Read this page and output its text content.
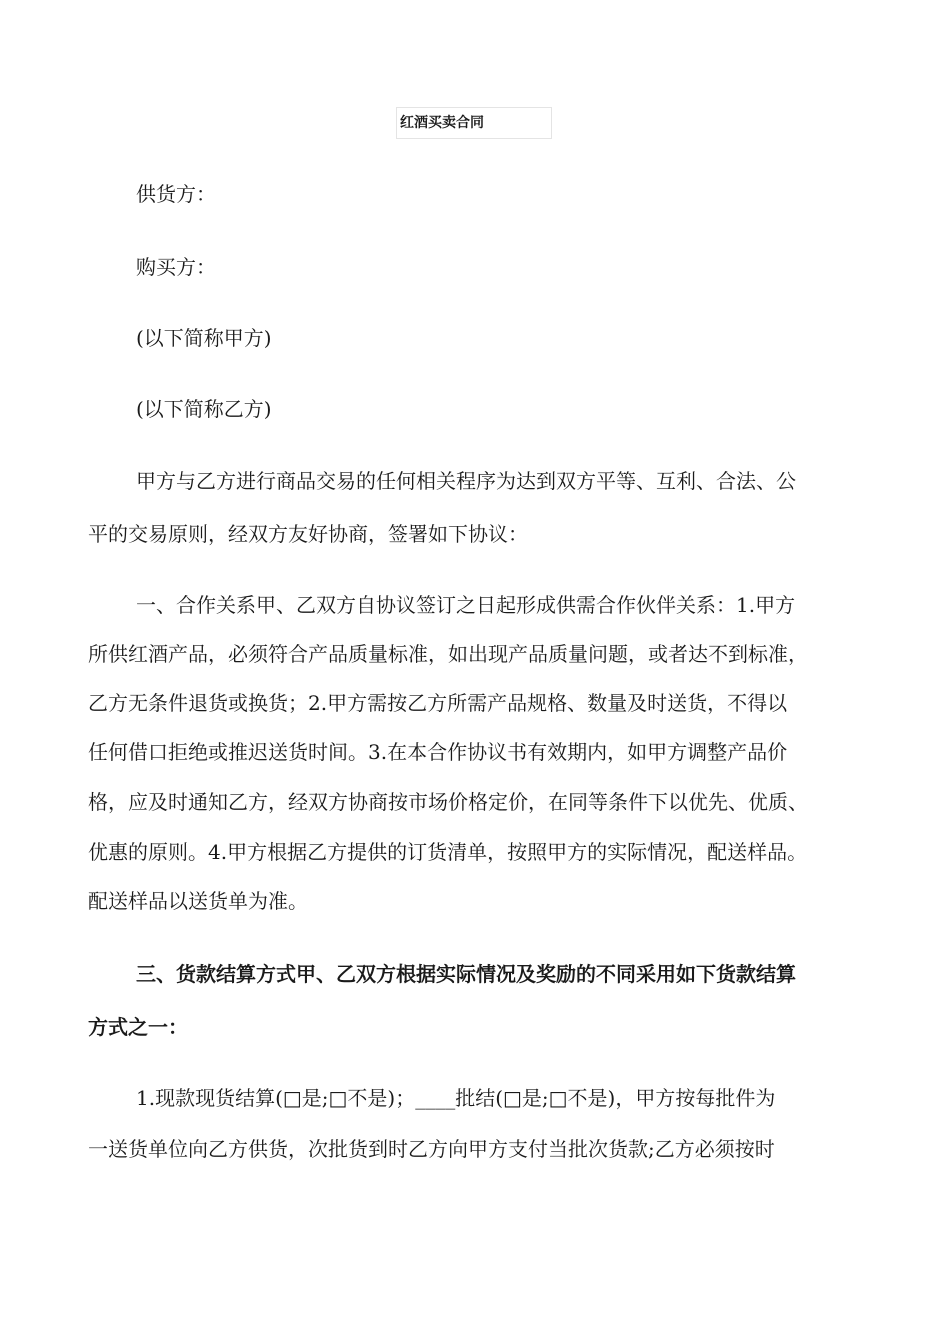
红酒买卖合同
供货方：
购买方：
(以下简称甲方)
(以下简称乙方)
甲方与乙方进行商品交易的任何相关程序为达到双方平等、互利、合法、公
平的交易原则，经双方友好协商，签署如下协议：
一、合作关系甲、乙双方自协议签订之日起形成供需合作伙伴关系：1.甲方
所供红酒产品，必须符合产品质量标准，如出现产品质量问题，或者达不到标准，
乙方无条件退货或换货；2.甲方需按乙方所需产品规格、数量及时送货，不得以
任何借口拒绝或推迟送货时间。3.在本合作协议书有效期内，如甲方调整产品价
格，应及时通知乙方，经双方协商按市场价格定价，在同等条件下以优先、优质、
优惠的原则。4.甲方根据乙方提供的订货清单，按照甲方的实际情况，配送样品。
配送样品以送货单为准。
三、货款结算方式甲、乙双方根据实际情况及奖励的不同采用如下货款结算
方式之一：
1.现款现货结算(□是;□不是)；____批结(□是;□不是)，甲方按每批件为
一送货单位向乙方供货，次批货到时乙方向甲方支付当批次货款;乙方必须按时
